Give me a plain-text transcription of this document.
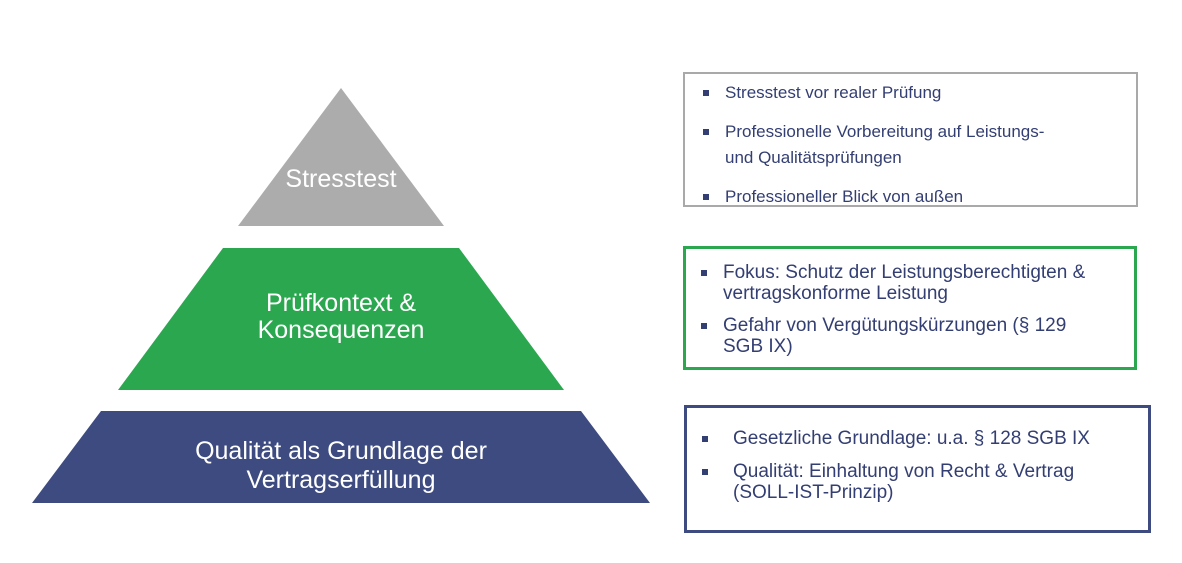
Stresstest
Prüfkontext &
Konsequenzen
Qualität als Grundlage der
Vertragserfüllung
Stresstest vor realer Prüfung
Professionelle Vorbereitung auf Leistungs-
und Qualitätsprüfungen
Professioneller Blick von außen
Fokus: Schutz der Leistungsberechtigten &
vertragskonforme Leistung
Gefahr von Vergütungskürzungen (§ 129
SGB IX)
Gesetzliche Grundlage: u.a. § 128 SGB IX
Qualität: Einhaltung von Recht & Vertrag
(SOLL-IST-Prinzip)
